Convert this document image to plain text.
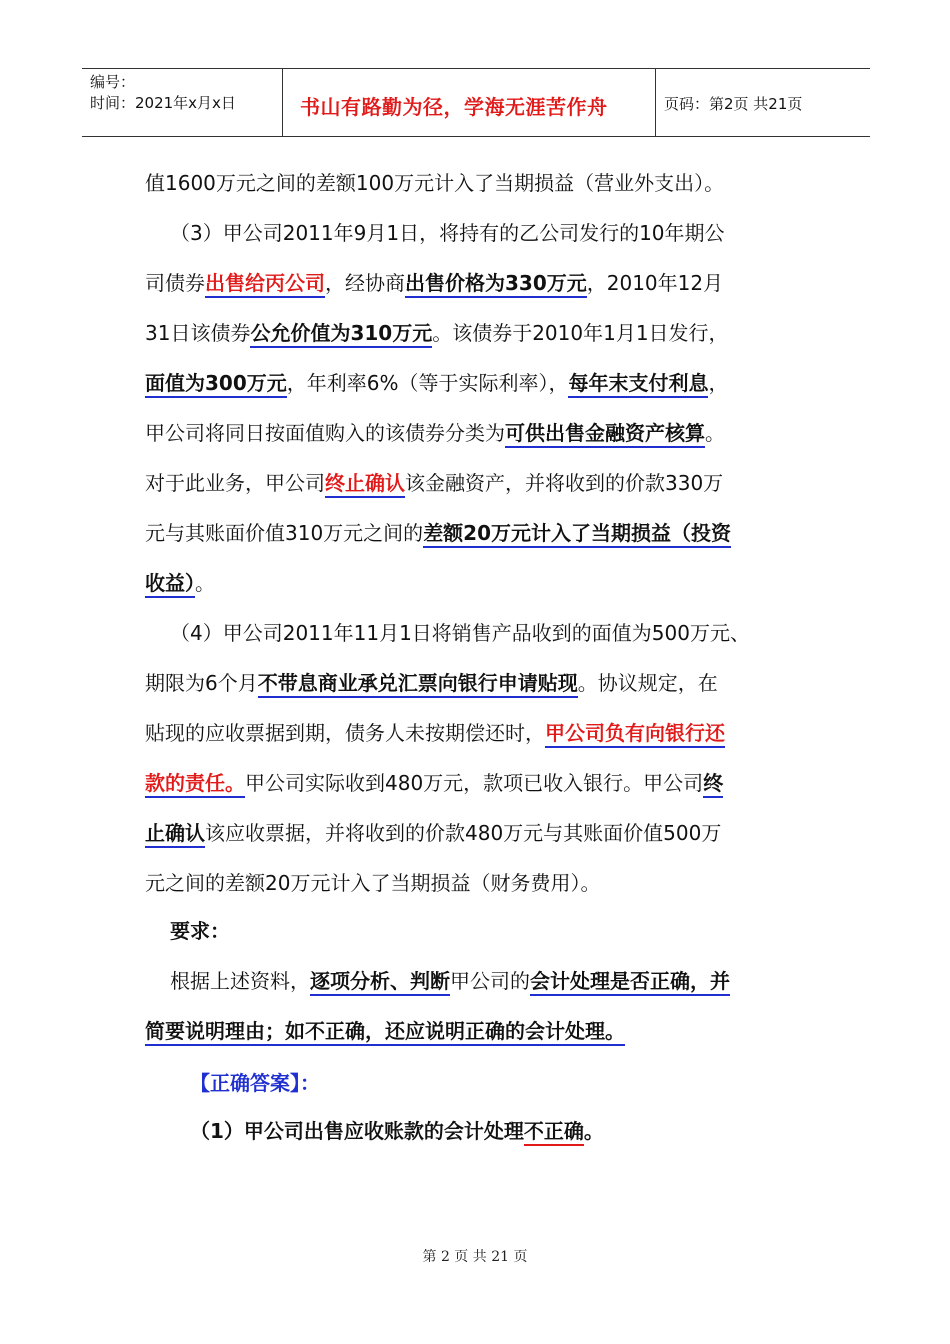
编号：
时间：2021年x月x日	书山有路勤为径，学海无涯苦作舟	页码：第2页 共21页
值1600万元之间的差额100万元计入了当期损益（营业外支出）。
（3）甲公司2011年9月1日，将持有的乙公司发行的10年期公
司债券出售给丙公司，经协商出售价格为330万元，2010年12月
31日该债券公允价值为310万元。该债券于2010年1月1日发行，
面值为300万元，年利率6%（等于实际利率），每年末支付利息，
甲公司将同日按面值购入的该债券分类为可供出售金融资产核算。
对于此业务，甲公司终止确认该金融资产，并将收到的价款330万
元与其账面价值310万元之间的差额20万元计入了当期损益（投资
收益）。
（4）甲公司2011年11月1日将销售产品收到的面值为500万元、
期限为6个月不带息商业承兑汇票向银行申请贴现。协议规定，在
贴现的应收票据到期，债务人未按期偿还时，甲公司负有向银行还
款的责任。甲公司实际收到480万元，款项已收入银行。甲公司终
止确认该应收票据，并将收到的价款480万元与其账面价值500万
元之间的差额20万元计入了当期损益（财务费用）。
要求：
根据上述资料，逐项分析、判断甲公司的会计处理是否正确，并
简要说明理由；如不正确，还应说明正确的会计处理。
【正确答案】：
（1）甲公司出售应收账款的会计处理不正确。
第 2 页 共 21 页
